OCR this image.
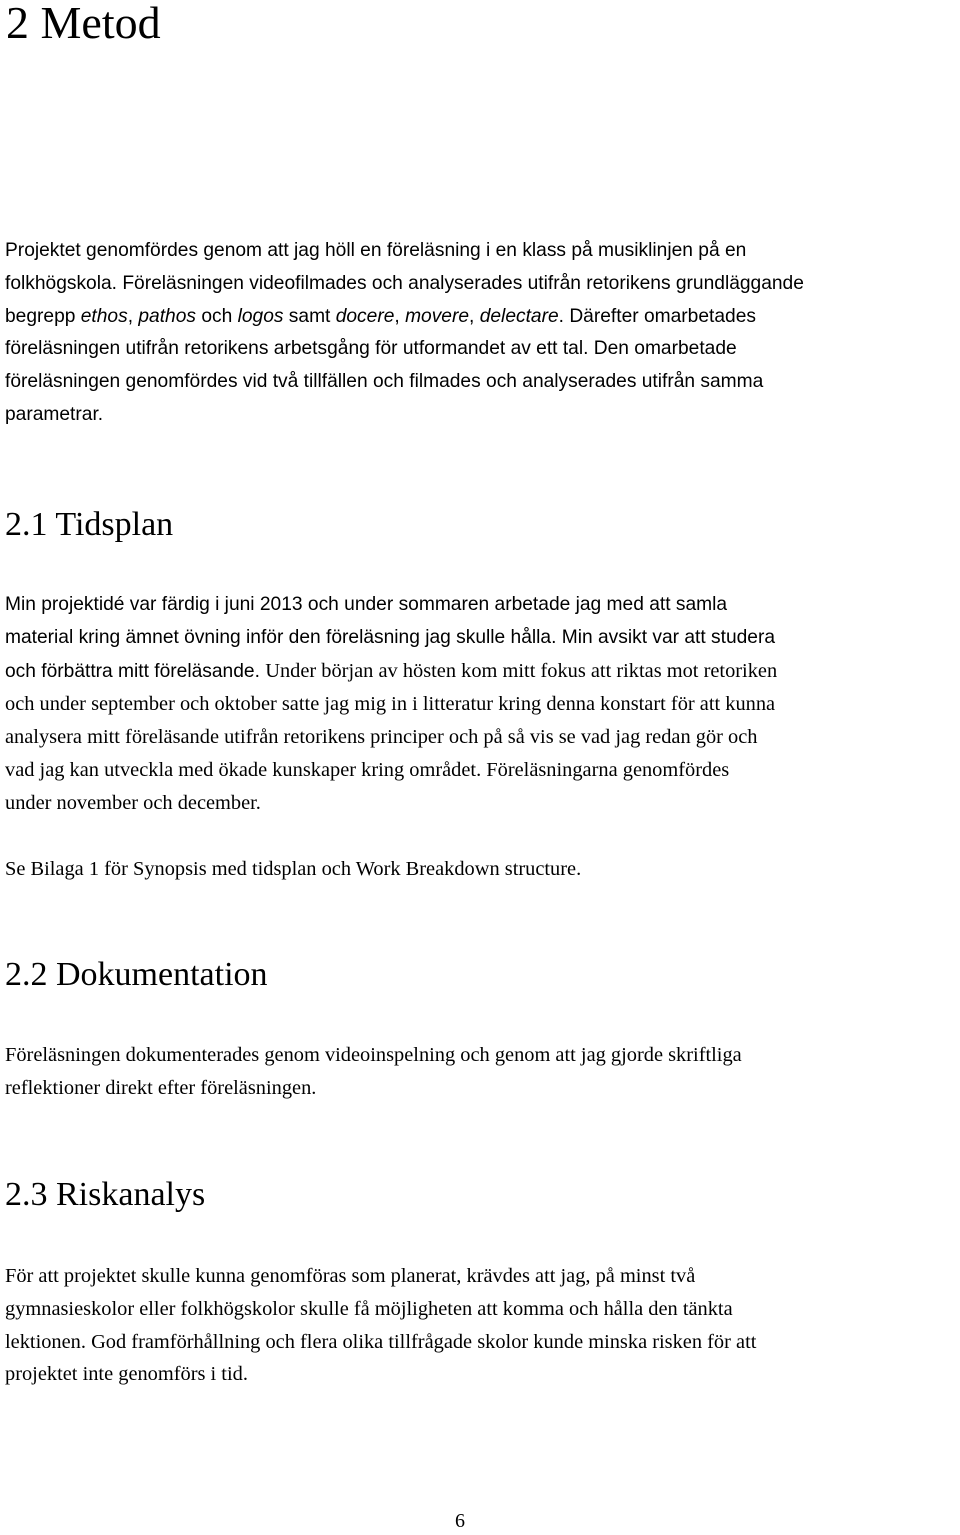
2 Metod
Projektet genomfördes genom att jag höll en föreläsning i en klass på musiklinjen på en
folkhögskola. Föreläsningen videofilmades och analyserades utifrån retorikens grundläggande
begrepp ethos, pathos och logos samt docere, movere, delectare. Därefter omarbetades
föreläsningen utifrån retorikens arbetsgång för utformandet av ett tal. Den omarbetade
föreläsningen genomfördes vid två tillfällen och filmades och analyserades utifrån samma
parametrar.
2.1 Tidsplan
Min projektidé var färdig i juni 2013 och under sommaren arbetade jag med att samla
material kring ämnet övning inför den föreläsning jag skulle hålla. Min avsikt var att studera
och förbättra mitt föreläsande. Under början av hösten kom mitt fokus att riktas mot retoriken
och under september och oktober satte jag mig in i litteratur kring denna konstart för att kunna
analysera mitt föreläsande utifrån retorikens principer och på så vis se vad jag redan gör och
vad jag kan utveckla med ökade kunskaper kring området. Föreläsningarna genomfördes
under november och december.

Se Bilaga 1 för Synopsis med tidsplan och Work Breakdown structure.

2.2 Dokumentation
Föreläsningen dokumenterades genom videoinspelning och genom att jag gjorde skriftliga
reflektioner direkt efter föreläsningen.
2.3 Riskanalys
För att projektet skulle kunna genomföras som planerat, krävdes att jag, på minst två
gymnasieskolor eller folkhögskolor skulle få möjligheten att komma och hålla den tänkta
lektionen. God framförhållning och flera olika tillfrågade skolor kunde minska risken för att
projektet inte genomförs i tid.
6
